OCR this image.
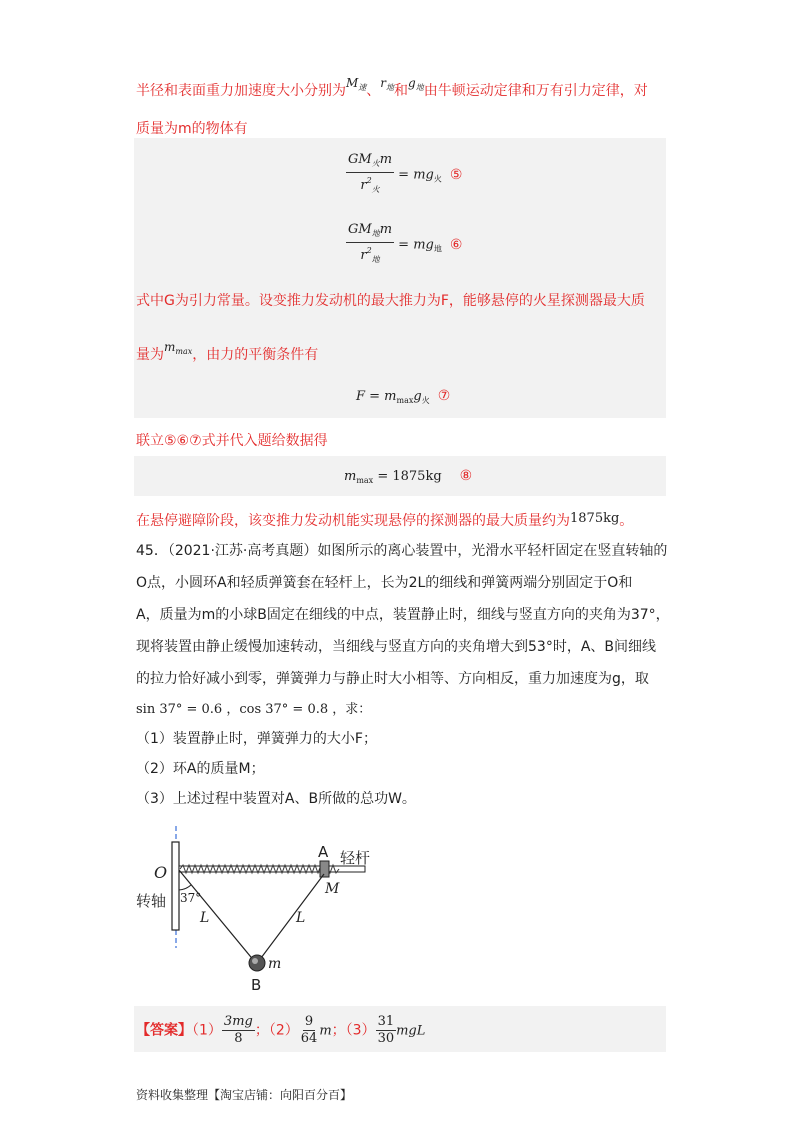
半径和表面重力加速度大小分别为$M_速$、$r_地$和$g_地$由牛顿运动定律和万有引力定律，对
质量为m的物体有
$\frac{GM_火m}{r^2_火} = mg_火$ ⑤
$\frac{GM_地m}{r^2_地} = mg_地$ ⑥
式中G为引力常量。设变推力发动机的最大推力为F，能够悬停的火星探测器最大质
量为$m_{max}$，由力的平衡条件有
$F = m_{max}g_火$ ⑦
联立⑤⑥⑦式并代入题给数据得
$m_{max} = 1875kg$ ⑧
在悬停避障阶段，该变推力发动机能实现悬停的探测器的最大质量约为1875kg。
45．（2021·江苏·高考真题）如图所示的离心装置中，光滑水平轻杆固定在竖直转轴的
O点，小圆环A和轻质弹簧套在轻杆上，长为2L的细线和弹簧两端分别固定于O和
A，质量为m的小球B固定在细线的中点，装置静止时，细线与竖直方向的夹角为37°，
现将装置由静止缓慢加速转动，当细线与竖直方向的夹角增大到53°时，A、B间细线
的拉力恰好减小到零，弹簧弹力与静止时大小相等、方向相反，重力加速度为g，取
sin 37° = 0.6 ，cos 37° = 0.8 ，求：
（1）装置静止时，弹簧弹力的大小F；
（2）环A的质量M；
（3）上述过程中装置对A、B所做的总功W。
O
A 轻杆
M
转轴 37°
L	L
m
B
【答案】$(1) \frac{3mg}{8}$ ；$(2) \frac{9}{64}$ m；$(3) \frac{31}{30}$ mgL
资料收集整理【淘宝店铺：向阳百分百】
